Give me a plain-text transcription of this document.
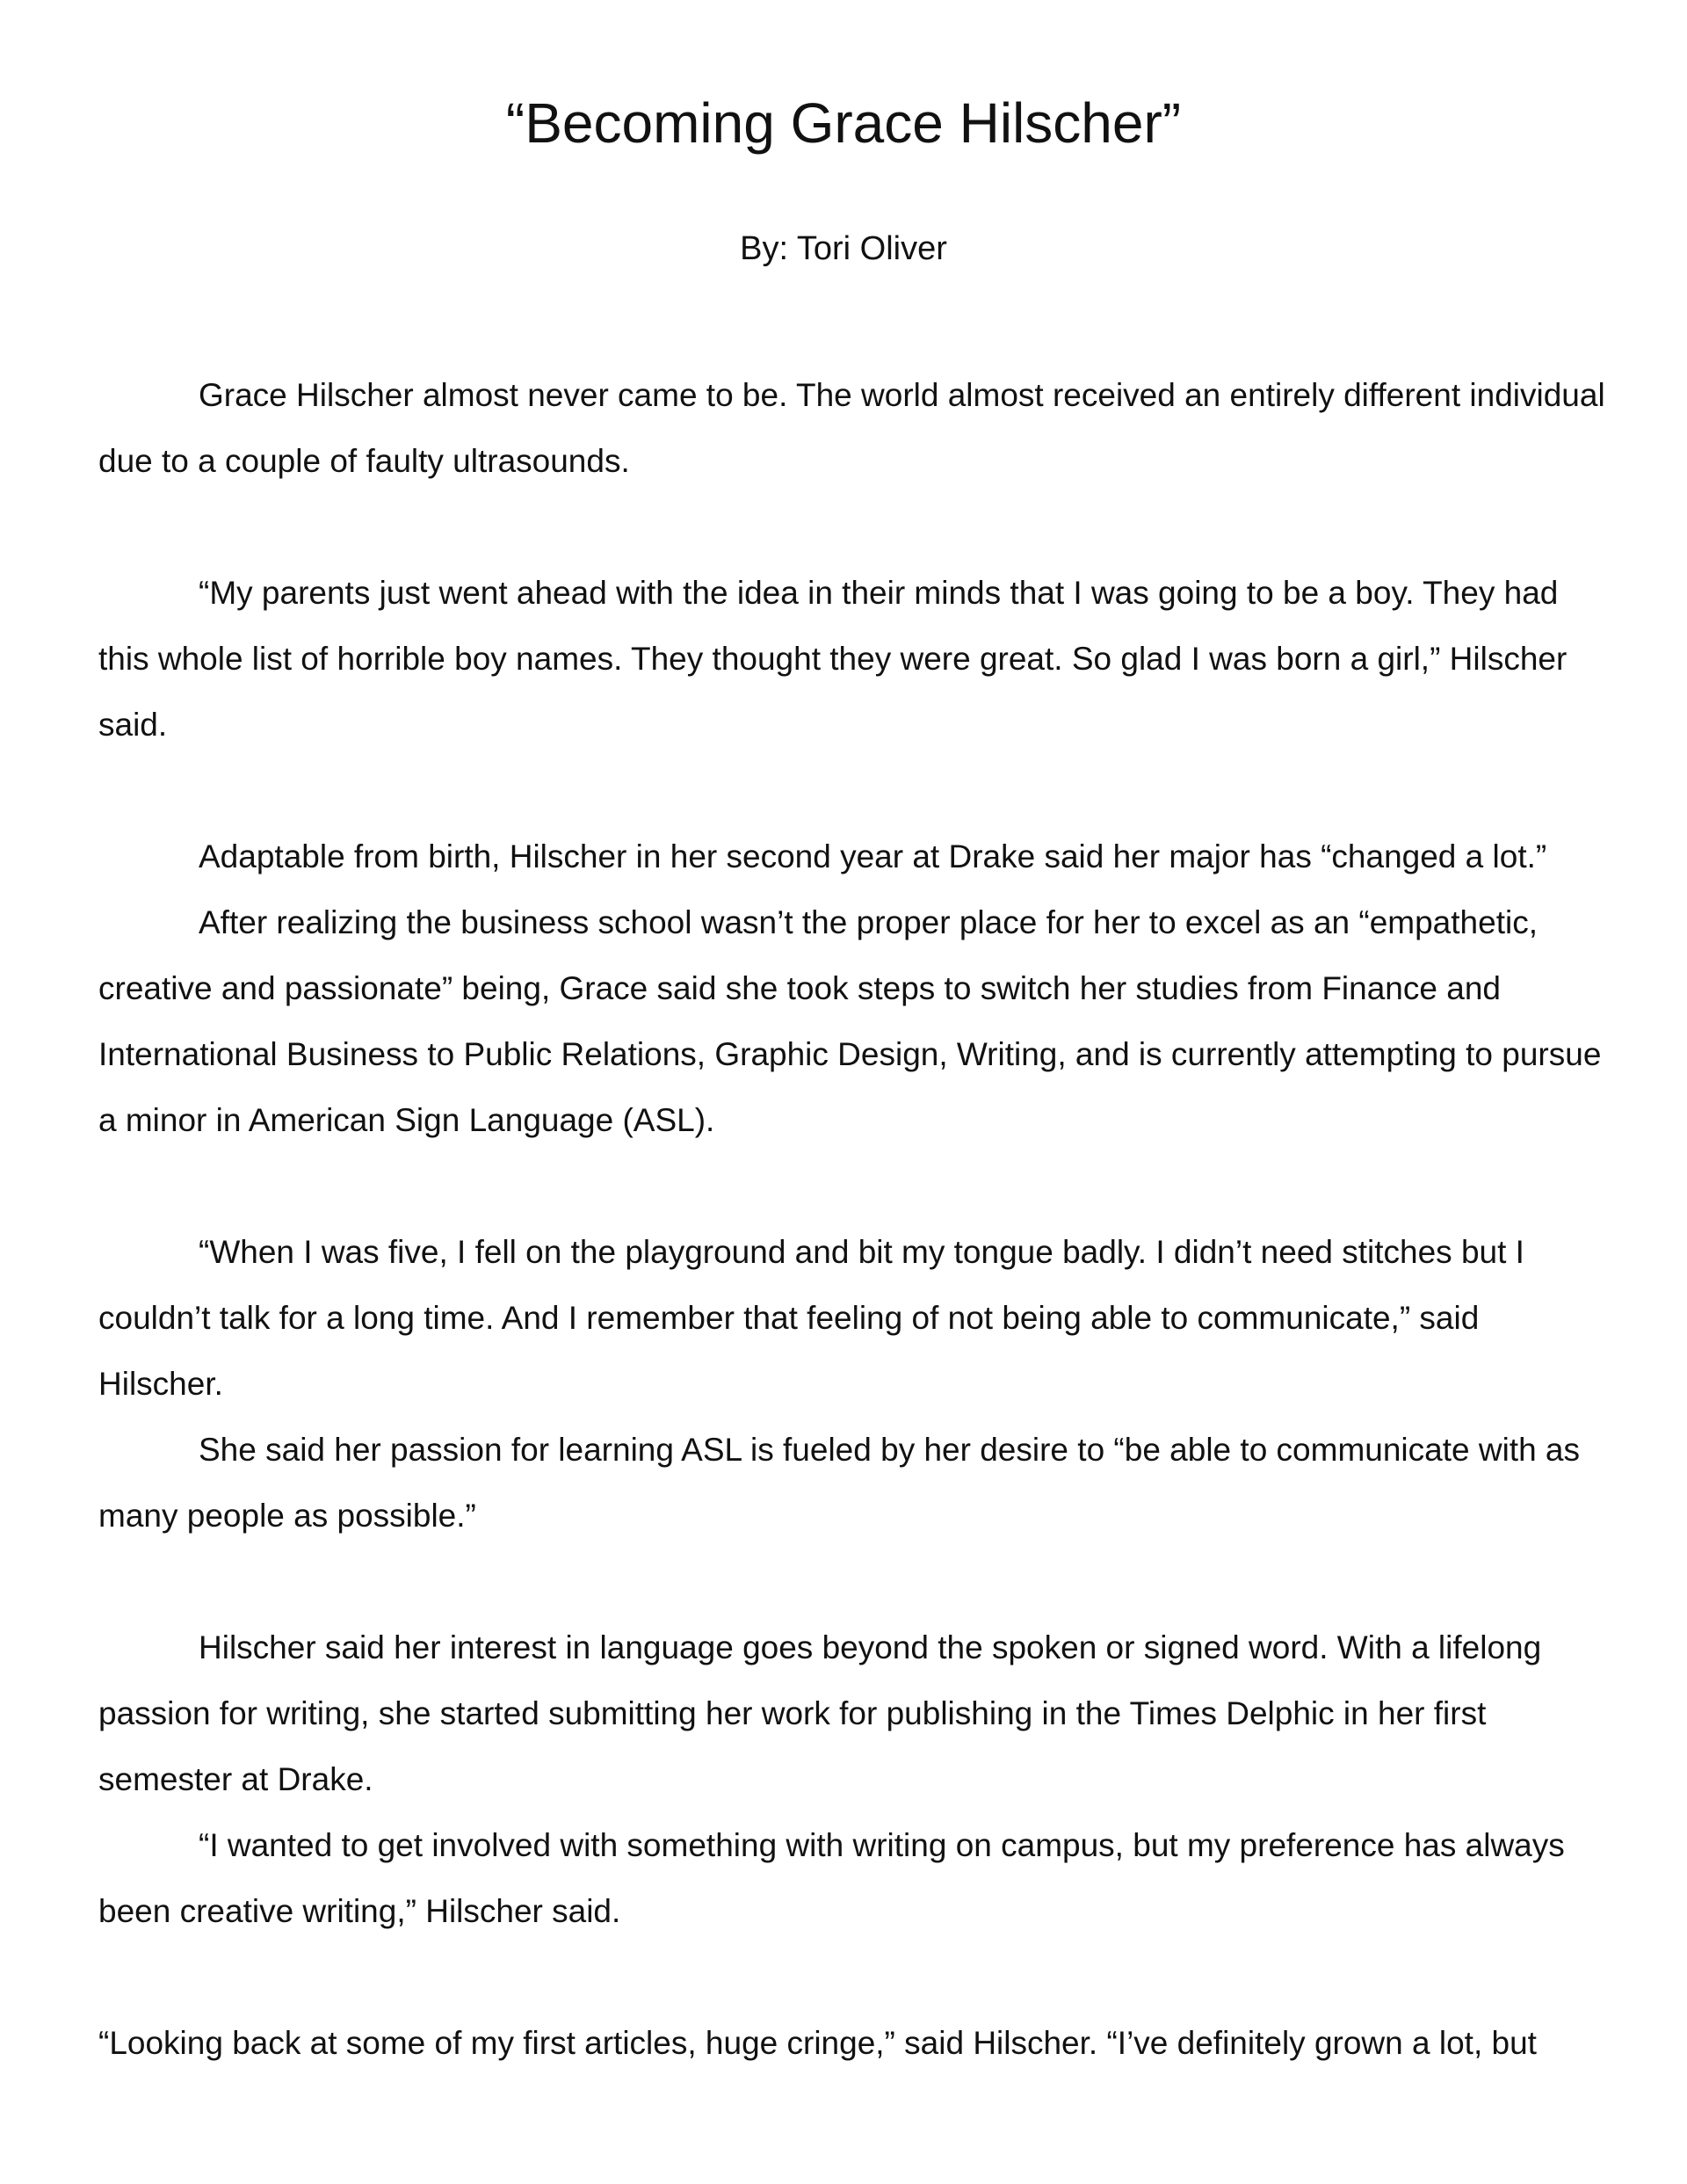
“Becoming Grace Hilscher”
By: Tori Oliver

Grace Hilscher almost never came to be. The world almost received an entirely different individual due to a couple of faulty ultrasounds.

“My parents just went ahead with the idea in their minds that I was going to be a boy. They had this whole list of horrible boy names. They thought they were great. So glad I was born a girl,” Hilscher said.

Adaptable from birth, Hilscher in her second year at Drake said her major has “changed a lot.”

After realizing the business school wasn’t the proper place for her to excel as an “empathetic, creative and passionate” being, Grace said she took steps to switch her studies from Finance and International Business to Public Relations, Graphic Design, Writing, and is currently attempting to pursue a minor in American Sign Language (ASL).

“When I was five, I fell on the playground and bit my tongue badly. I didn’t need stitches but I couldn’t talk for a long time. And I remember that feeling of not being able to communicate,” said Hilscher.

She said her passion for learning ASL is fueled by her desire to “be able to communicate with as many people as possible.”

Hilscher said her interest in language goes beyond the spoken or signed word. With a lifelong passion for writing, she started submitting her work for publishing in the Times Delphic in her first semester at Drake.

“I wanted to get involved with something with writing on campus, but my preference has always been creative writing,” Hilscher said.

“Looking back at some of my first articles, huge cringe,” said Hilscher. “I’ve definitely grown a lot, but
